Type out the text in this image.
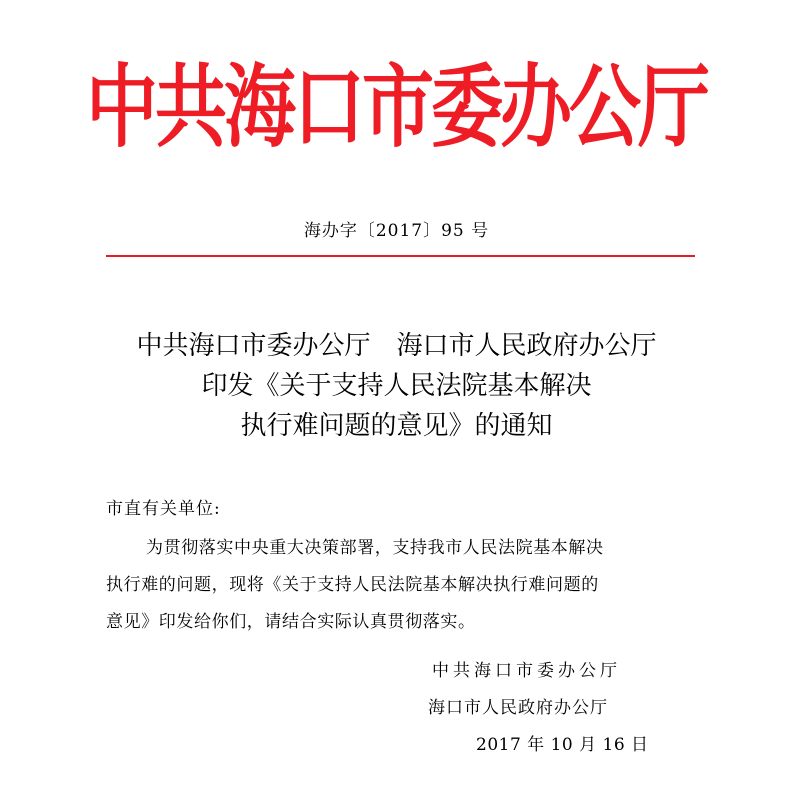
中共海口市委办公厅
海办字〔2017〕95 号
中共海口市委办公厅　海口市人民政府办公厅
印发《关于支持人民法院基本解决
执行难问题的意见》的通知
市直有关单位:
为贯彻落实中央重大决策部署，支持我市人民法院基本解决
执行难的问题，现将《关于支持人民法院基本解决执行难问题的
意见》印发给你们，请结合实际认真贯彻落实。
中共海口市委办公厅
海口市人民政府办公厅
2017 年 10 月 16 日
